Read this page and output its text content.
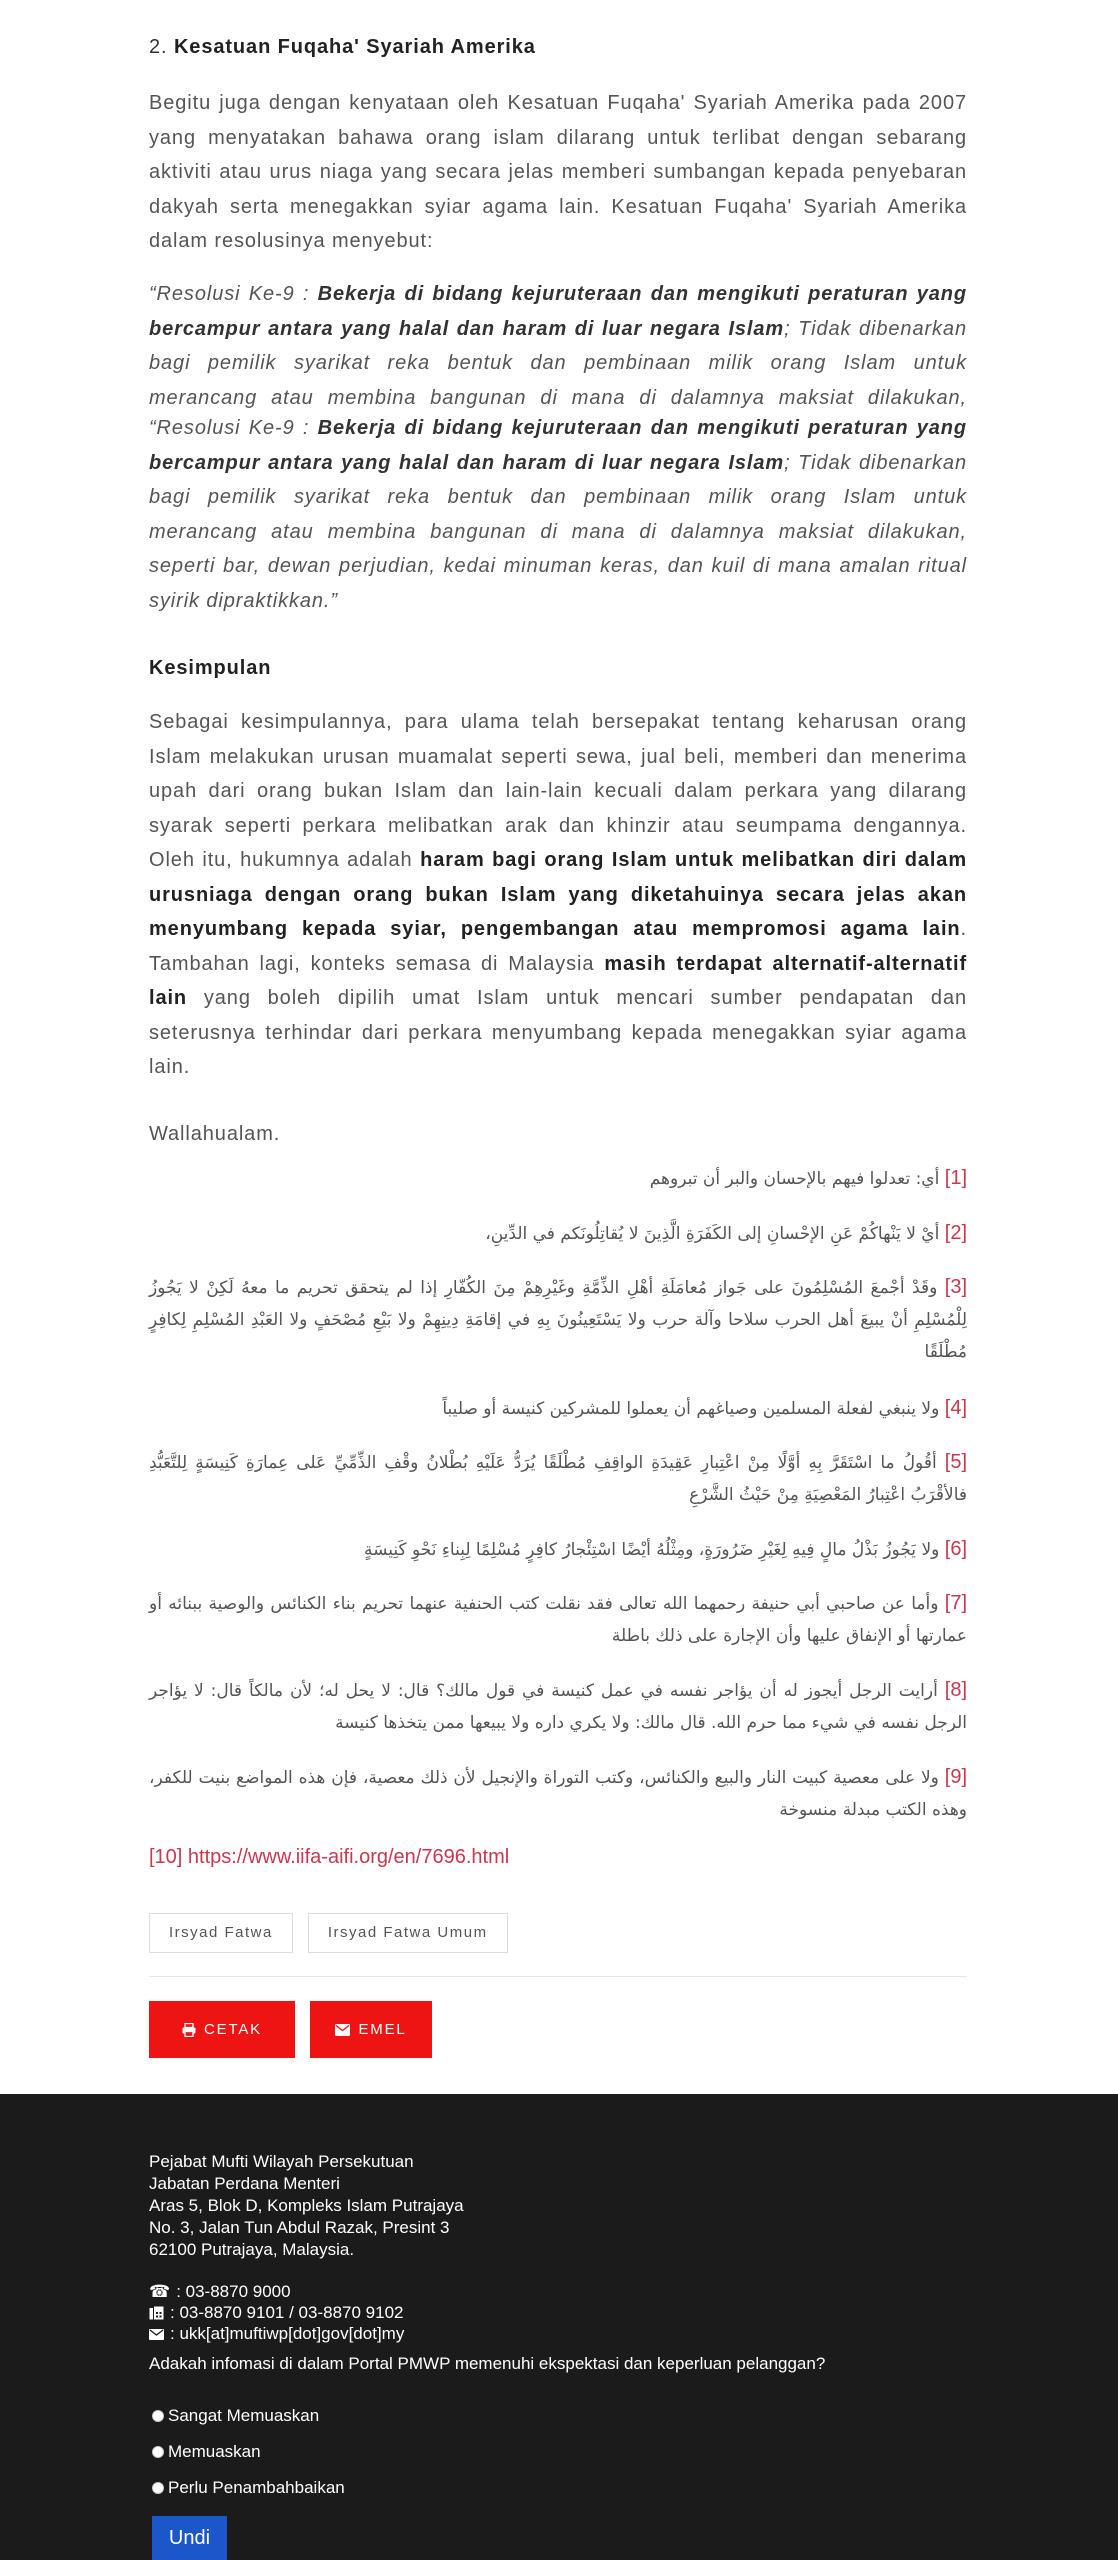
2. Kesatuan Fuqaha' Syariah Amerika

Begitu juga dengan kenyataan oleh Kesatuan Fuqaha' Syariah Amerika pada 2007 yang menyatakan bahawa orang islam dilarang untuk terlibat dengan sebarang aktiviti atau urus niaga yang secara jelas memberi sumbangan kepada penyebaran dakyah serta menegakkan syiar agama lain. Kesatuan Fuqaha' Syariah Amerika dalam resolusinya menyebut:

“Resolusi Ke-9 : Bekerja di bidang kejuruteraan dan mengikuti peraturan yang bercampur antara yang halal dan haram di luar negara Islam; Tidak dibenarkan bagi pemilik syarikat reka bentuk dan pembinaan milik orang Islam untuk merancang atau membina bangunan di mana di dalamnya maksiat dilakukan,

“Resolusi Ke-9 : Bekerja di bidang kejuruteraan dan mengikuti peraturan yang bercampur antara yang halal dan haram di luar negara Islam; Tidak dibenarkan bagi pemilik syarikat reka bentuk dan pembinaan milik orang Islam untuk merancang atau membina bangunan di mana di dalamnya maksiat dilakukan, seperti bar, dewan perjudian, kedai minuman keras, dan kuil di mana amalan ritual syirik dipraktikkan.”

Kesimpulan

Sebagai kesimpulannya, para ulama telah bersepakat tentang keharusan orang Islam melakukan urusan muamalat seperti sewa, jual beli, memberi dan menerima upah dari orang bukan Islam dan lain-lain kecuali dalam perkara yang dilarang syarak seperti perkara melibatkan arak dan khinzir atau seumpama dengannya. Oleh itu, hukumnya adalah haram bagi orang Islam untuk melibatkan diri dalam urusniaga dengan orang bukan Islam yang diketahuinya secara jelas akan menyumbang kepada syiar, pengembangan atau mempromosi agama lain. Tambahan lagi, konteks semasa di Malaysia masih terdapat alternatif-alternatif lain yang boleh dipilih umat Islam untuk mencari sumber pendapatan dan seterusnya terhindar dari perkara menyumbang kepada menegakkan syiar agama lain.

Wallahualam.

[1] أي: تعدلوا فيهم بالإحسان والبر أن تبروهم

[2] أيْ لا يَنْهاكُمْ عَنِ الإحْسانِ إلى الكَفَرَةِ الَّذِينَ لا يُقاتِلُونَكم في الدِّينِ،

[3] وقَدْ أجْمعَ المُسْلِمُونَ على جَواز مُعامَلَةِ أهْلِ الذِّمَّةِ وغَيْرِهِمْ مِنَ الكُفّارِ إذا لم يتحقق تحريم ما معهُ لَكِنْ لا يَجُوزُ لِلْمُسْلِمِ أنْ يبيعَ أهل الحرب سلاحا وآلة حرب ولا يَسْتَعِينُونَ بِهِ في إقامَةِ دِينِهِمْ ولا بَيْعِ مُصْحَفٍ ولا العَبْدِ المُسْلِمِ لِكافِرٍ مُطْلَقًا

[4] ولا ينبغي لفعلة المسلمين وصياغهم أن يعملوا للمشركين كنيسة أو صليباً

[5] أقُولُ ما اسْتَقَرَّ بِهِ أوَّلًا مِنْ اعْتِبارِ عَقِيدَةِ الواقِفِ مُطْلَقًا يُرَدُّ عَلَيْهِ بُطْلانُ وقْفِ الذِّمِّيِّ عَلى عِمارَةِ كَنِيسَةٍ لِلتَّعَبُّدِ فالأقْرَبُ اعْتِبارُ المَعْصِيَةِ مِنْ حَيْثُ الشَّرْعِ

[6] ولا يَجُوزُ بَذْلُ مالٍ فِيهِ لِغَيْرِ ضَرُورَةٍ، ومِثْلُهُ أيْضًا اسْتِئْجارُ كافِرٍ مُسْلِمًا لِبِناءِ نَحْوِ كَنِيسَةٍ

[7] وأما عن صاحبي أبي حنيفة رحمهما الله تعالى فقد نقلت كتب الحنفية عنهما تحريم بناء الكنائس والوصية ببنائه أو عمارتها أو الإنفاق عليها وأن الإجارة على ذلك باطلة

[8] أرايت الرجل أيجوز له أن يؤاجر نفسه في عمل كنيسة في قول مالك؟ قال: لا يحل له؛ لأن مالكاً قال: لا يؤاجر الرجل نفسه في شيء مما حرم الله. قال مالك: ولا يكري داره ولا يبيعها ممن يتخذها كنيسة

[9] ولا على معصية كبيت النار والبيع والكنائس، وكتب التوراة والإنجيل لأن ذلك معصية، فإن هذه المواضع بنيت للكفر، وهذه الكتب مبدلة منسوخة

[10] https://www.iifa-aifi.org/en/7696.html
Irsyad Fatwa	Irsyad Fatwa Umum
CETAK	EMEL
Pejabat Mufti Wilayah Persekutuan
Jabatan Perdana Menteri
Aras 5, Blok D, Kompleks Islam Putrajaya
No. 3, Jalan Tun Abdul Razak, Presint 3
62100 Putrajaya, Malaysia.
☎ : 03-8870 9000
: 03-8870 9101 / 03-8870 9102
: ukk[at]muftiwp[dot]gov[dot]my
Adakah infomasi di dalam Portal PMWP memenuhi ekspektasi dan keperluan pelanggan?
Sangat Memuaskan
Memuaskan
Perlu Penambahbaikan
Undi
